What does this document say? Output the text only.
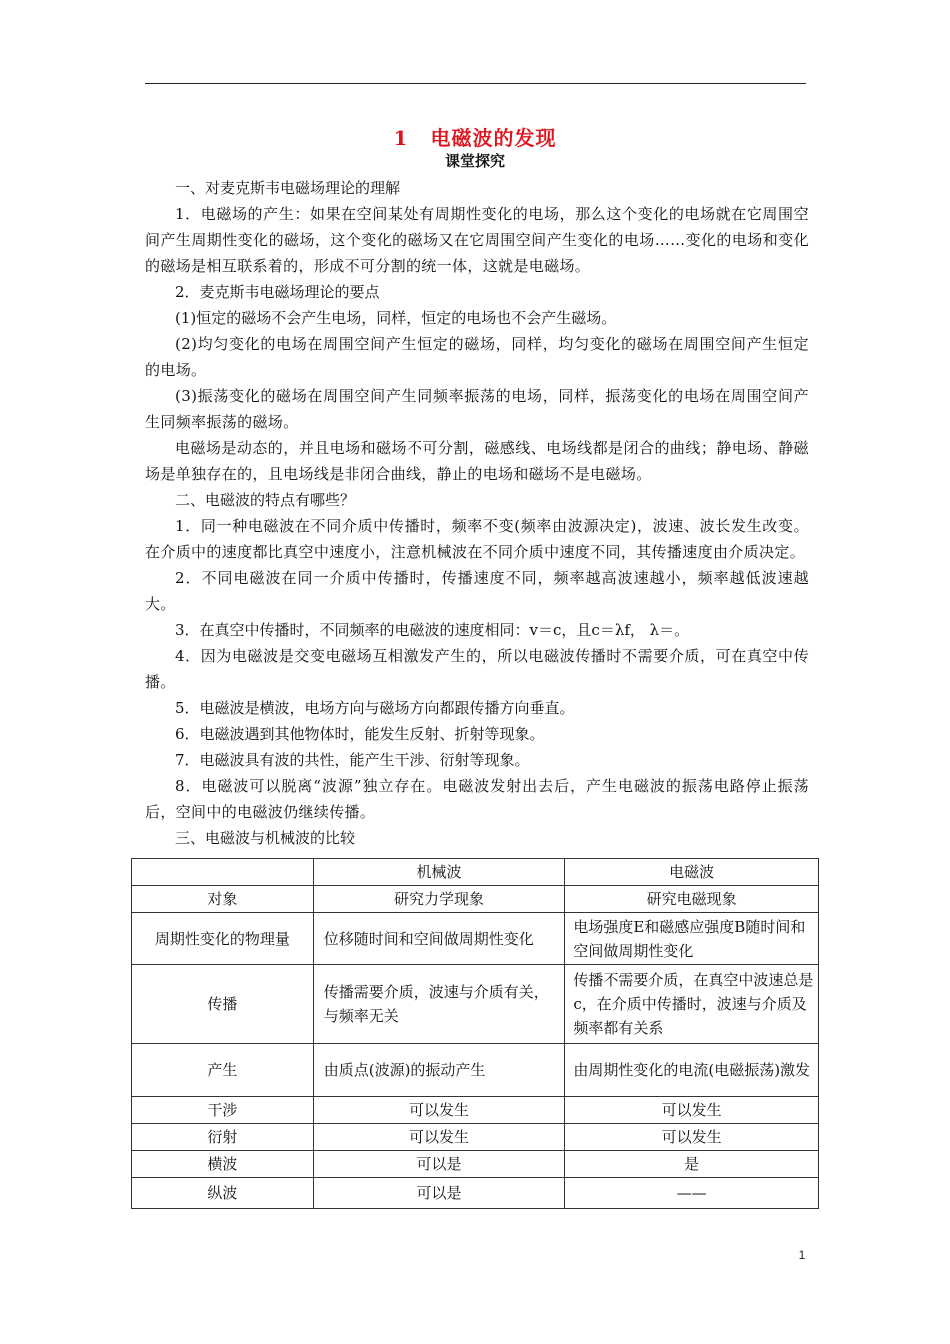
1 电磁波的发现
课堂探究

一、对麦克斯韦电磁场理论的理解

1．电磁场的产生：如果在空间某处有周期性变化的电场，那么这个变化的电场就在它周围空间产生周期性变化的磁场，这个变化的磁场又在它周围空间产生变化的电场……变化的电场和变化的磁场是相互联系着的，形成不可分割的统一体，这就是电磁场。

2．麦克斯韦电磁场理论的要点

(1)恒定的磁场不会产生电场，同样，恒定的电场也不会产生磁场。

(2)均匀变化的电场在周围空间产生恒定的磁场，同样，均匀变化的磁场在周围空间产生恒定的电场。

(3)振荡变化的磁场在周围空间产生同频率振荡的电场，同样，振荡变化的电场在周围空间产生同频率振荡的磁场。

电磁场是动态的，并且电场和磁场不可分割，磁感线、电场线都是闭合的曲线；静电场、静磁场是单独存在的，且电场线是非闭合曲线，静止的电场和磁场不是电磁场。

二、电磁波的特点有哪些？

1．同一种电磁波在不同介质中传播时，频率不变(频率由波源决定)，波速、波长发生改变。在介质中的速度都比真空中速度小，注意机械波在不同介质中速度不同，其传播速度由介质决定。

2．不同电磁波在同一介质中传播时，传播速度不同，频率越高波速越小，频率越低波速越大。

3．在真空中传播时，不同频率的电磁波的速度相同：v＝c，且c＝λf， λ＝。

4．因为电磁波是交变电磁场互相激发产生的，所以电磁波传播时不需要介质，可在真空中传播。

5．电磁波是横波，电场方向与磁场方向都跟传播方向垂直。

6．电磁波遇到其他物体时，能发生反射、折射等现象。

7．电磁波具有波的共性，能产生干涉、衍射等现象。

8．电磁波可以脱离“波源”独立存在。电磁波发射出去后，产生电磁波的振荡电路停止振荡后，空间中的电磁波仍继续传播。

三、电磁波与机械波的比较

	机械波	电磁波
对象	研究力学现象	研究电磁现象
周期性变化的物理量	位移随时间和空间做周期性变化	电场强度E和磁感应强度B随时间和空间做周期性变化
传播	传播需要介质，波速与介质有关，与频率无关	传播不需要介质，在真空中波速总是c，在介质中传播时，波速与介质及频率都有关系
产生	由质点(波源)的振动产生	由周期性变化的电流(电磁振荡)激发
干涉	可以发生	可以发生
衍射	可以发生	可以发生
横波	可以是	是
纵波	可以是	——
1
